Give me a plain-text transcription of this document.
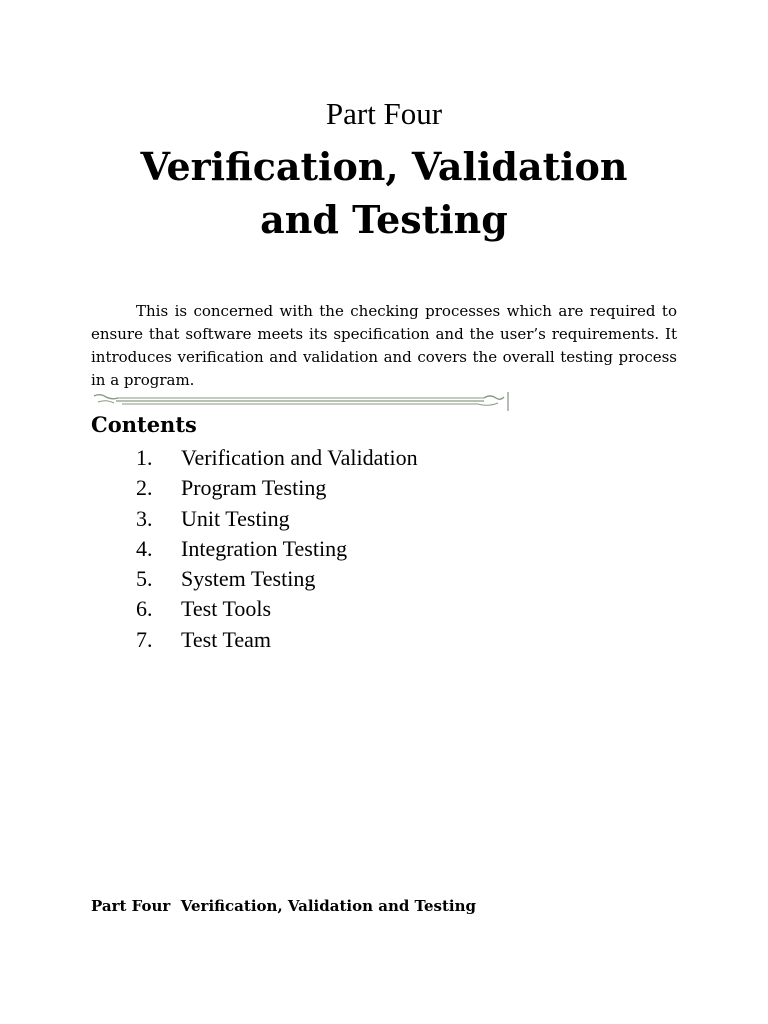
Part Four

Verification, Validation
and Testing

This is concerned with the checking processes which are required to ensure that software meets its specification and the user’s requirements. It introduces verification and validation and covers the overall testing process in a program.

Contents
1. Verification and Validation
2. Program Testing
3. Unit Testing
4. Integration Testing
5. System Testing
6. Test Tools
7. Test Team

Part Four  Verification, Validation and Testing
